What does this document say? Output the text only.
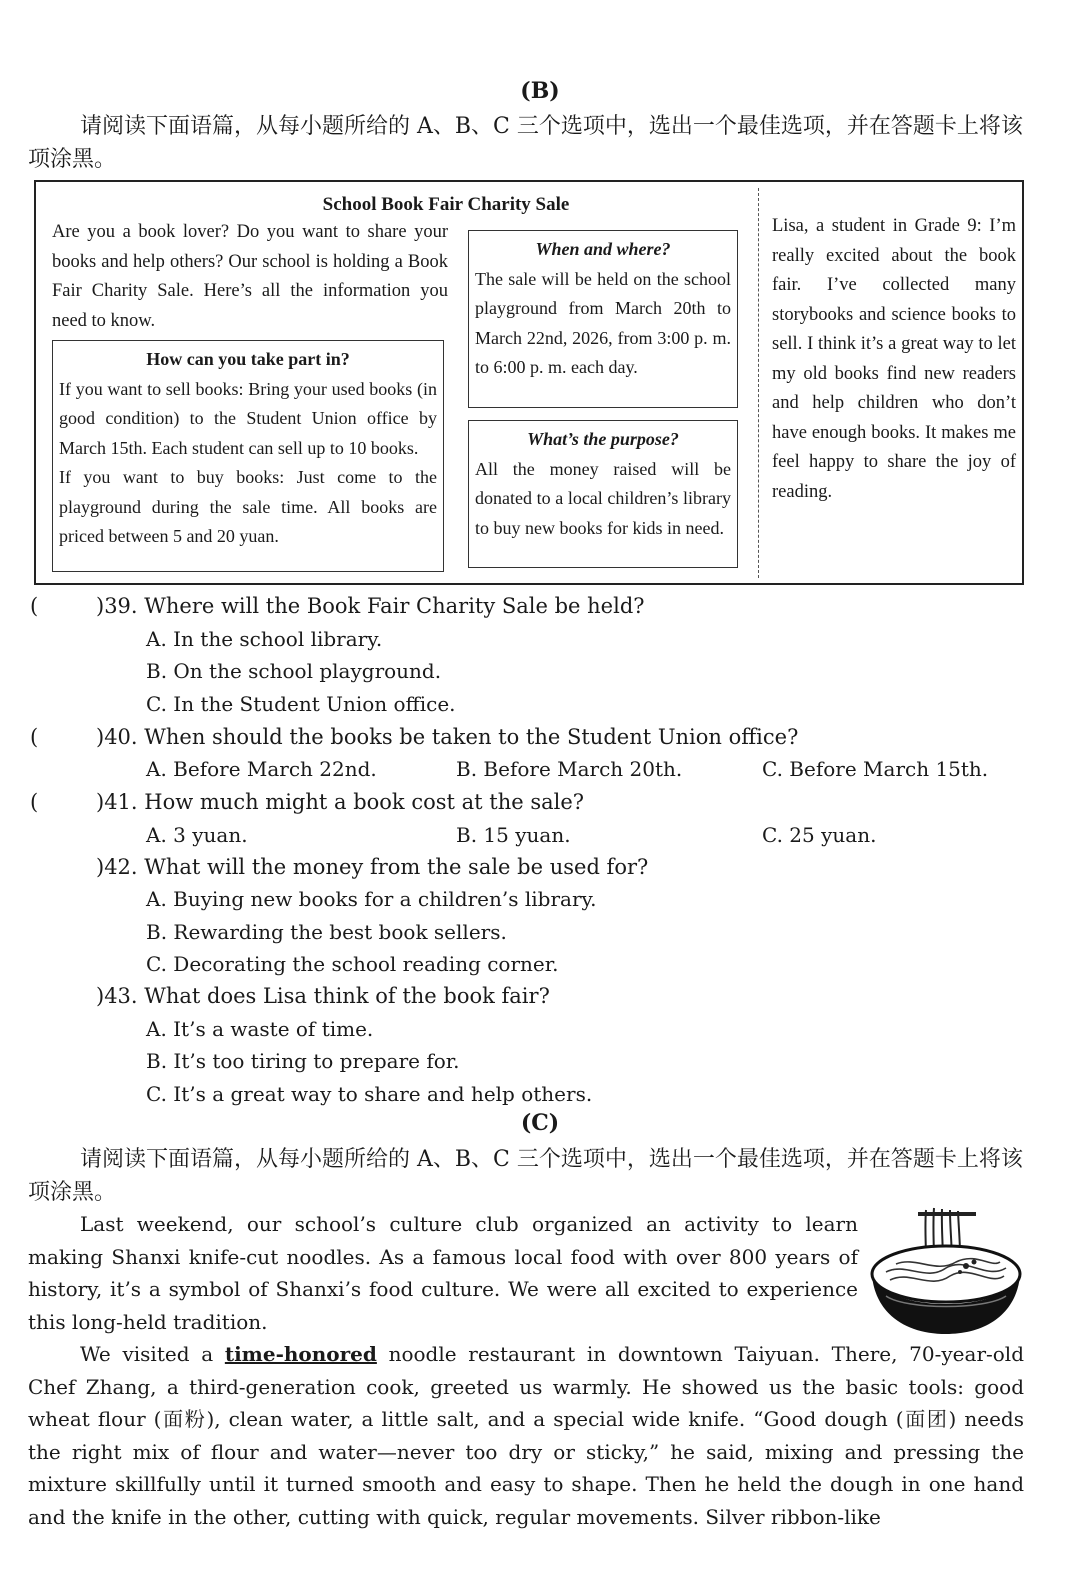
(B)
请阅读下面语篇，从每小题所给的 A、B、C 三个选项中，选出一个最佳选项，并在答题卡上将该项涂黑。
School Book Fair Charity Sale
Are you a book lover? Do you want to share your books and help others? Our school is holding a Book Fair Charity Sale. Here’s all the information you need to know.
How can you take part in?
If you want to sell books: Bring your used books (in good condition) to the Student Union office by March 15th. Each student can sell up to 10 books.
If you want to buy books: Just come to the playground during the sale time. All books are priced between 5 and 20 yuan.
When and where?
The sale will be held on the school playground from March 20th to March 22nd, 2026, from 3:00 p. m. to 6:00 p. m. each day.
What’s the purpose?
All the money raised will be donated to a local children’s library to buy new books for kids in need.
Lisa, a student in Grade 9: I’m really excited about the book fair. I’ve collected many storybooks and science books to sell. I think it’s a great way to let my old books find new readers and help children who don’t have enough books. It makes me feel happy to share the joy of reading.
(	)39. Where will the Book Fair Charity Sale be held?
A. In the school library.
B. On the school playground.
C. In the Student Union office.
(	)40. When should the books be taken to the Student Union office?
A. Before March 22nd.	B. Before March 20th.	C. Before March 15th.
(	)41. How much might a book cost at the sale?
A. 3 yuan.	B. 15 yuan.	C. 25 yuan.
)42. What will the money from the sale be used for?
A. Buying new books for a children’s library.
B. Rewarding the best book sellers.
C. Decorating the school reading corner.
)43. What does Lisa think of the book fair?
A. It’s a waste of time.
B. It’s too tiring to prepare for.
C. It’s a great way to share and help others.
(C)
请阅读下面语篇，从每小题所给的 A、B、C 三个选项中，选出一个最佳选项，并在答题卡上将该项涂黑。
Last weekend, our school’s culture club organized an activity to learn making Shanxi knife-cut noodles. As a famous local food with over 800 years of history, it’s a symbol of Shanxi’s food culture. We were all excited to experience this long-held tradition.
We visited a time-honored noodle restaurant in downtown Taiyuan. There, 70-year-old Chef Zhang, a third-generation cook, greeted us warmly. He showed us the basic tools: good wheat flour (面粉), clean water, a little salt, and a special wide knife. “Good dough (面团) needs the right mix of flour and water—never too dry or sticky,” he said, mixing and pressing the mixture skillfully until it turned smooth and easy to shape. Then he held the dough in one hand and the knife in the other, cutting with quick, regular movements. Silver ribbon-like
